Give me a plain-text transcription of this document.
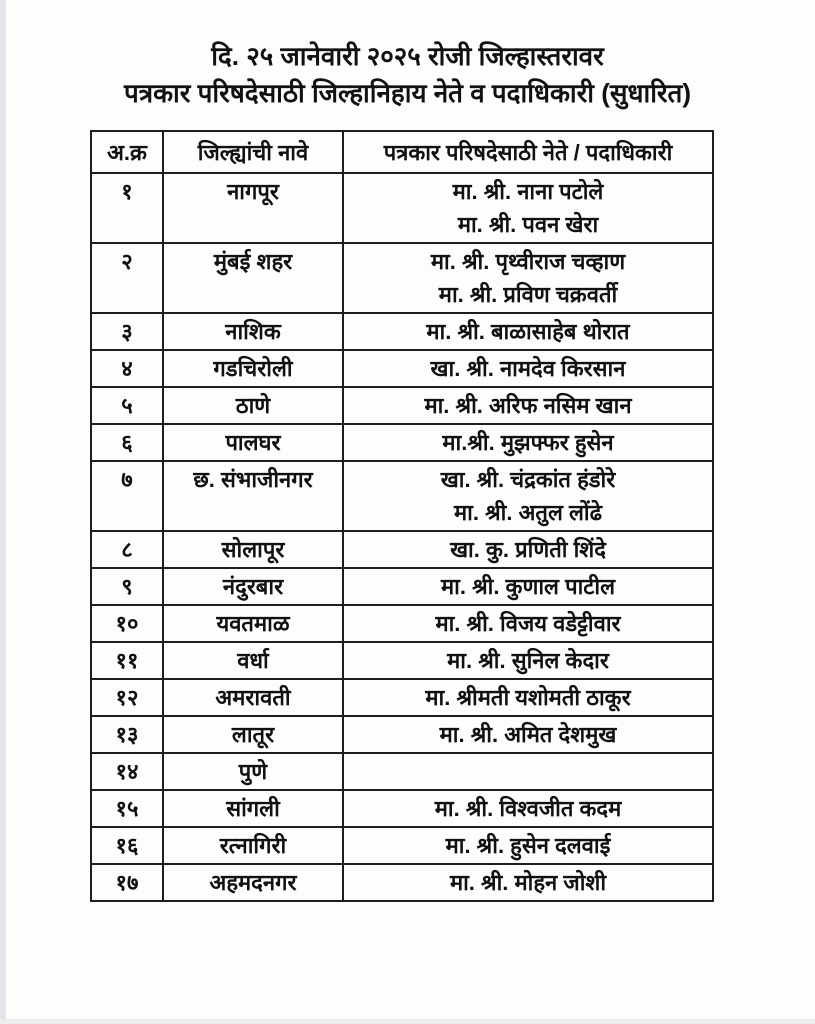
दि. २५ जानेवारी २०२५ रोजी जिल्हास्तरावर
पत्रकार परिषदेसाठी जिल्हानिहाय नेते व पदाधिकारी (सुधारित)
अ.क्र	जिल्ह्यांची नावे	पत्रकार परिषदेसाठी नेते / पदाधिकारी
१	नागपूर	मा. श्री. नाना पटोले
मा. श्री. पवन खेरा

२	मुंबई शहर	मा. श्री. पृथ्वीराज चव्हाण
मा. श्री. प्रविण चक्रवर्ती

३	नाशिक	मा. श्री. बाळासाहेब थोरात

४	गडचिरोली	खा. श्री. नामदेव किरसान

५	ठाणे	मा. श्री. अरिफ नसिम खान

६	पालघर	मा.श्री. मुझफ्फर हुसेन

७	छ. संभाजीनगर	खा. श्री. चंद्रकांत हंडोरे
मा. श्री. अतुल लोंढे

८	सोलापूर	खा. कु. प्रणिती शिंदे

९	नंदुरबार	मा. श्री. कुणाल पाटील

१०	यवतमाळ	मा. श्री. विजय वडेट्टीवार

११	वर्धा	मा. श्री. सुनिल केदार

१२	अमरावती	मा. श्रीमती यशोमती ठाकूर

१३	लातूर	मा. श्री. अमित देशमुख

१४	पुणे	
१५	सांगली	मा. श्री. विश्वजीत कदम

१६	रत्नागिरी	मा. श्री. हुसेन दलवाई

१७	अहमदनगर	मा. श्री. मोहन जोशी
